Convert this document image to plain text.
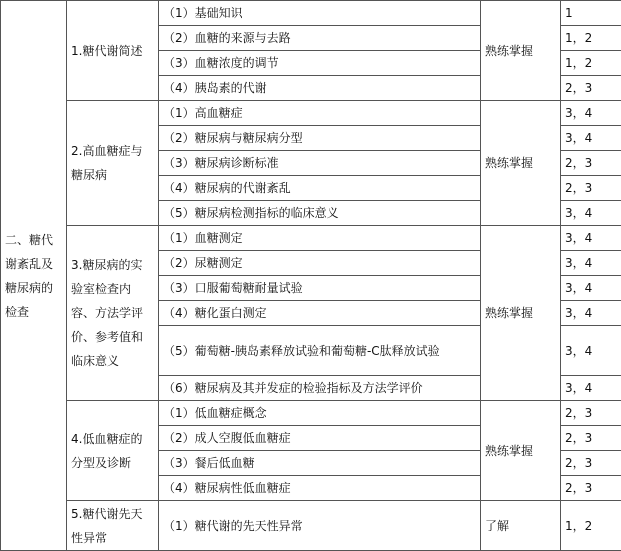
二、糖代谢紊乱及糖尿病的检查	1.糖代谢简述	（1）基础知识	熟练掌握	1
		（2）血糖的来源与去路		1，2
		（3）血糖浓度的调节		1，2
		（4）胰岛素的代谢		2，3
	2.高血糖症与糖尿病	（1）高血糖症	熟练掌握	3，4
		（2）糖尿病与糖尿病分型		3，4
		（3）糖尿病诊断标准		2，3
		（4）糖尿病的代谢紊乱		2，3
		（5）糖尿病检测指标的临床意义		3，4
	3.糖尿病的实验室检查内容、方法学评价、参考值和临床意义	（1）血糖测定	熟练掌握	3，4
		（2）尿糖测定		3，4
		（3）口服葡萄糖耐量试验		3，4
		（4）糖化蛋白测定		3，4
		（5）葡萄糖-胰岛素释放试验和葡萄糖-C肽释放试验		3，4
		（6）糖尿病及其并发症的检验指标及方法学评价		3，4
	4.低血糖症的分型及诊断	（1）低血糖症概念	熟练掌握	2，3
		（2）成人空腹低血糖症		2，3
		（3）餐后低血糖		2，3
		（4）糖尿病性低血糖症		2，3
	5.糖代谢先天性异常	（1）糖代谢的先天性异常	了解	1，2
